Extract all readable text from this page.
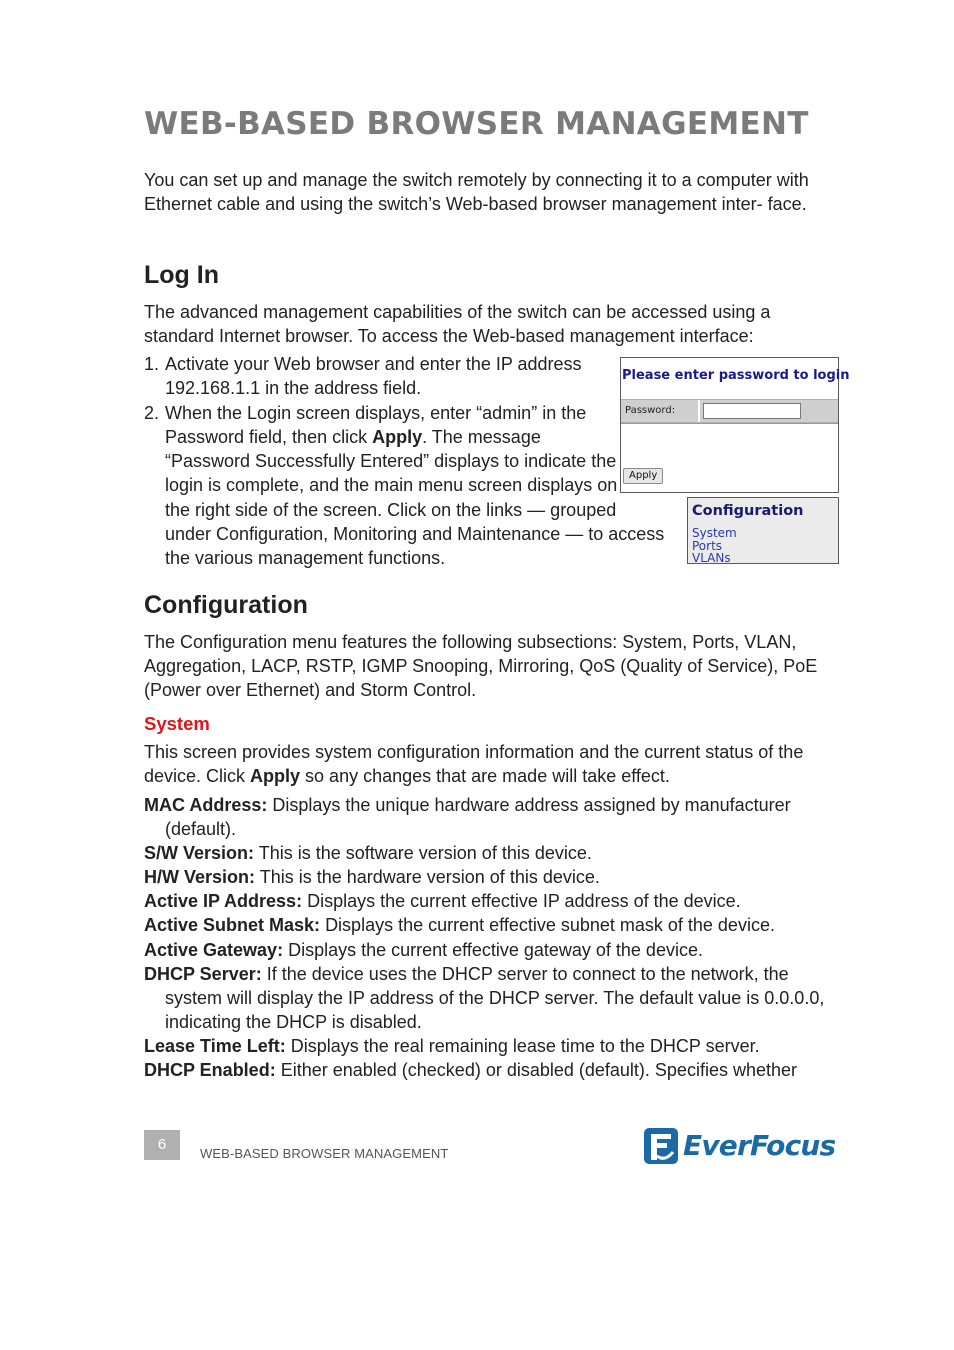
WEB-BASED BROWSER MANAGEMENT

You can set up and manage the switch remotely by connecting it to a computer with Ethernet cable and using the switch’s Web-based browser management inter- face.

Log In

The advanced management capabilities of the switch can be accessed using a standard Internet browser. To access the Web-based management interface:

1. Activate your Web browser and enter the IP address 192.168.1.1 in the address field.
2. When the Login screen displays, enter “admin” in the Password field, then click Apply. The message “Password Successfully Entered” displays to indicate the login is complete, and the main menu screen displays on the right side of the screen. Click on the links — grouped under Configuration, Monitoring and Maintenance — to access the various management functions.
Please enter password to login
Password:
Apply
Configuration
System
Ports
VLANs
Configuration

The Configuration menu features the following subsections: System, Ports, VLAN, Aggregation, LACP, RSTP, IGMP Snooping, Mirroring, QoS (Quality of Service), PoE (Power over Ethernet) and Storm Control.

System

This screen provides system configuration information and the current status of the device. Click Apply so any changes that are made will take effect.

MAC Address: Displays the unique hardware address assigned by manufacturer (default).

S/W Version: This is the software version of this device.

H/W Version: This is the hardware version of this device.

Active IP Address: Displays the current effective IP address of the device.

Active Subnet Mask: Displays the current effective subnet mask of the device.

Active Gateway: Displays the current effective gateway of the device.

DHCP Server: If the device uses the DHCP server to connect to the network, the system will display the IP address of the DHCP server. The default value is 0.0.0.0, indicating the DHCP is disabled.

Lease Time Left: Displays the real remaining lease time to the DHCP server.

DHCP Enabled: Either enabled (checked) or disabled (default). Specifies whether

6
WEB-BASED BROWSER MANAGEMENT	EverFocus
